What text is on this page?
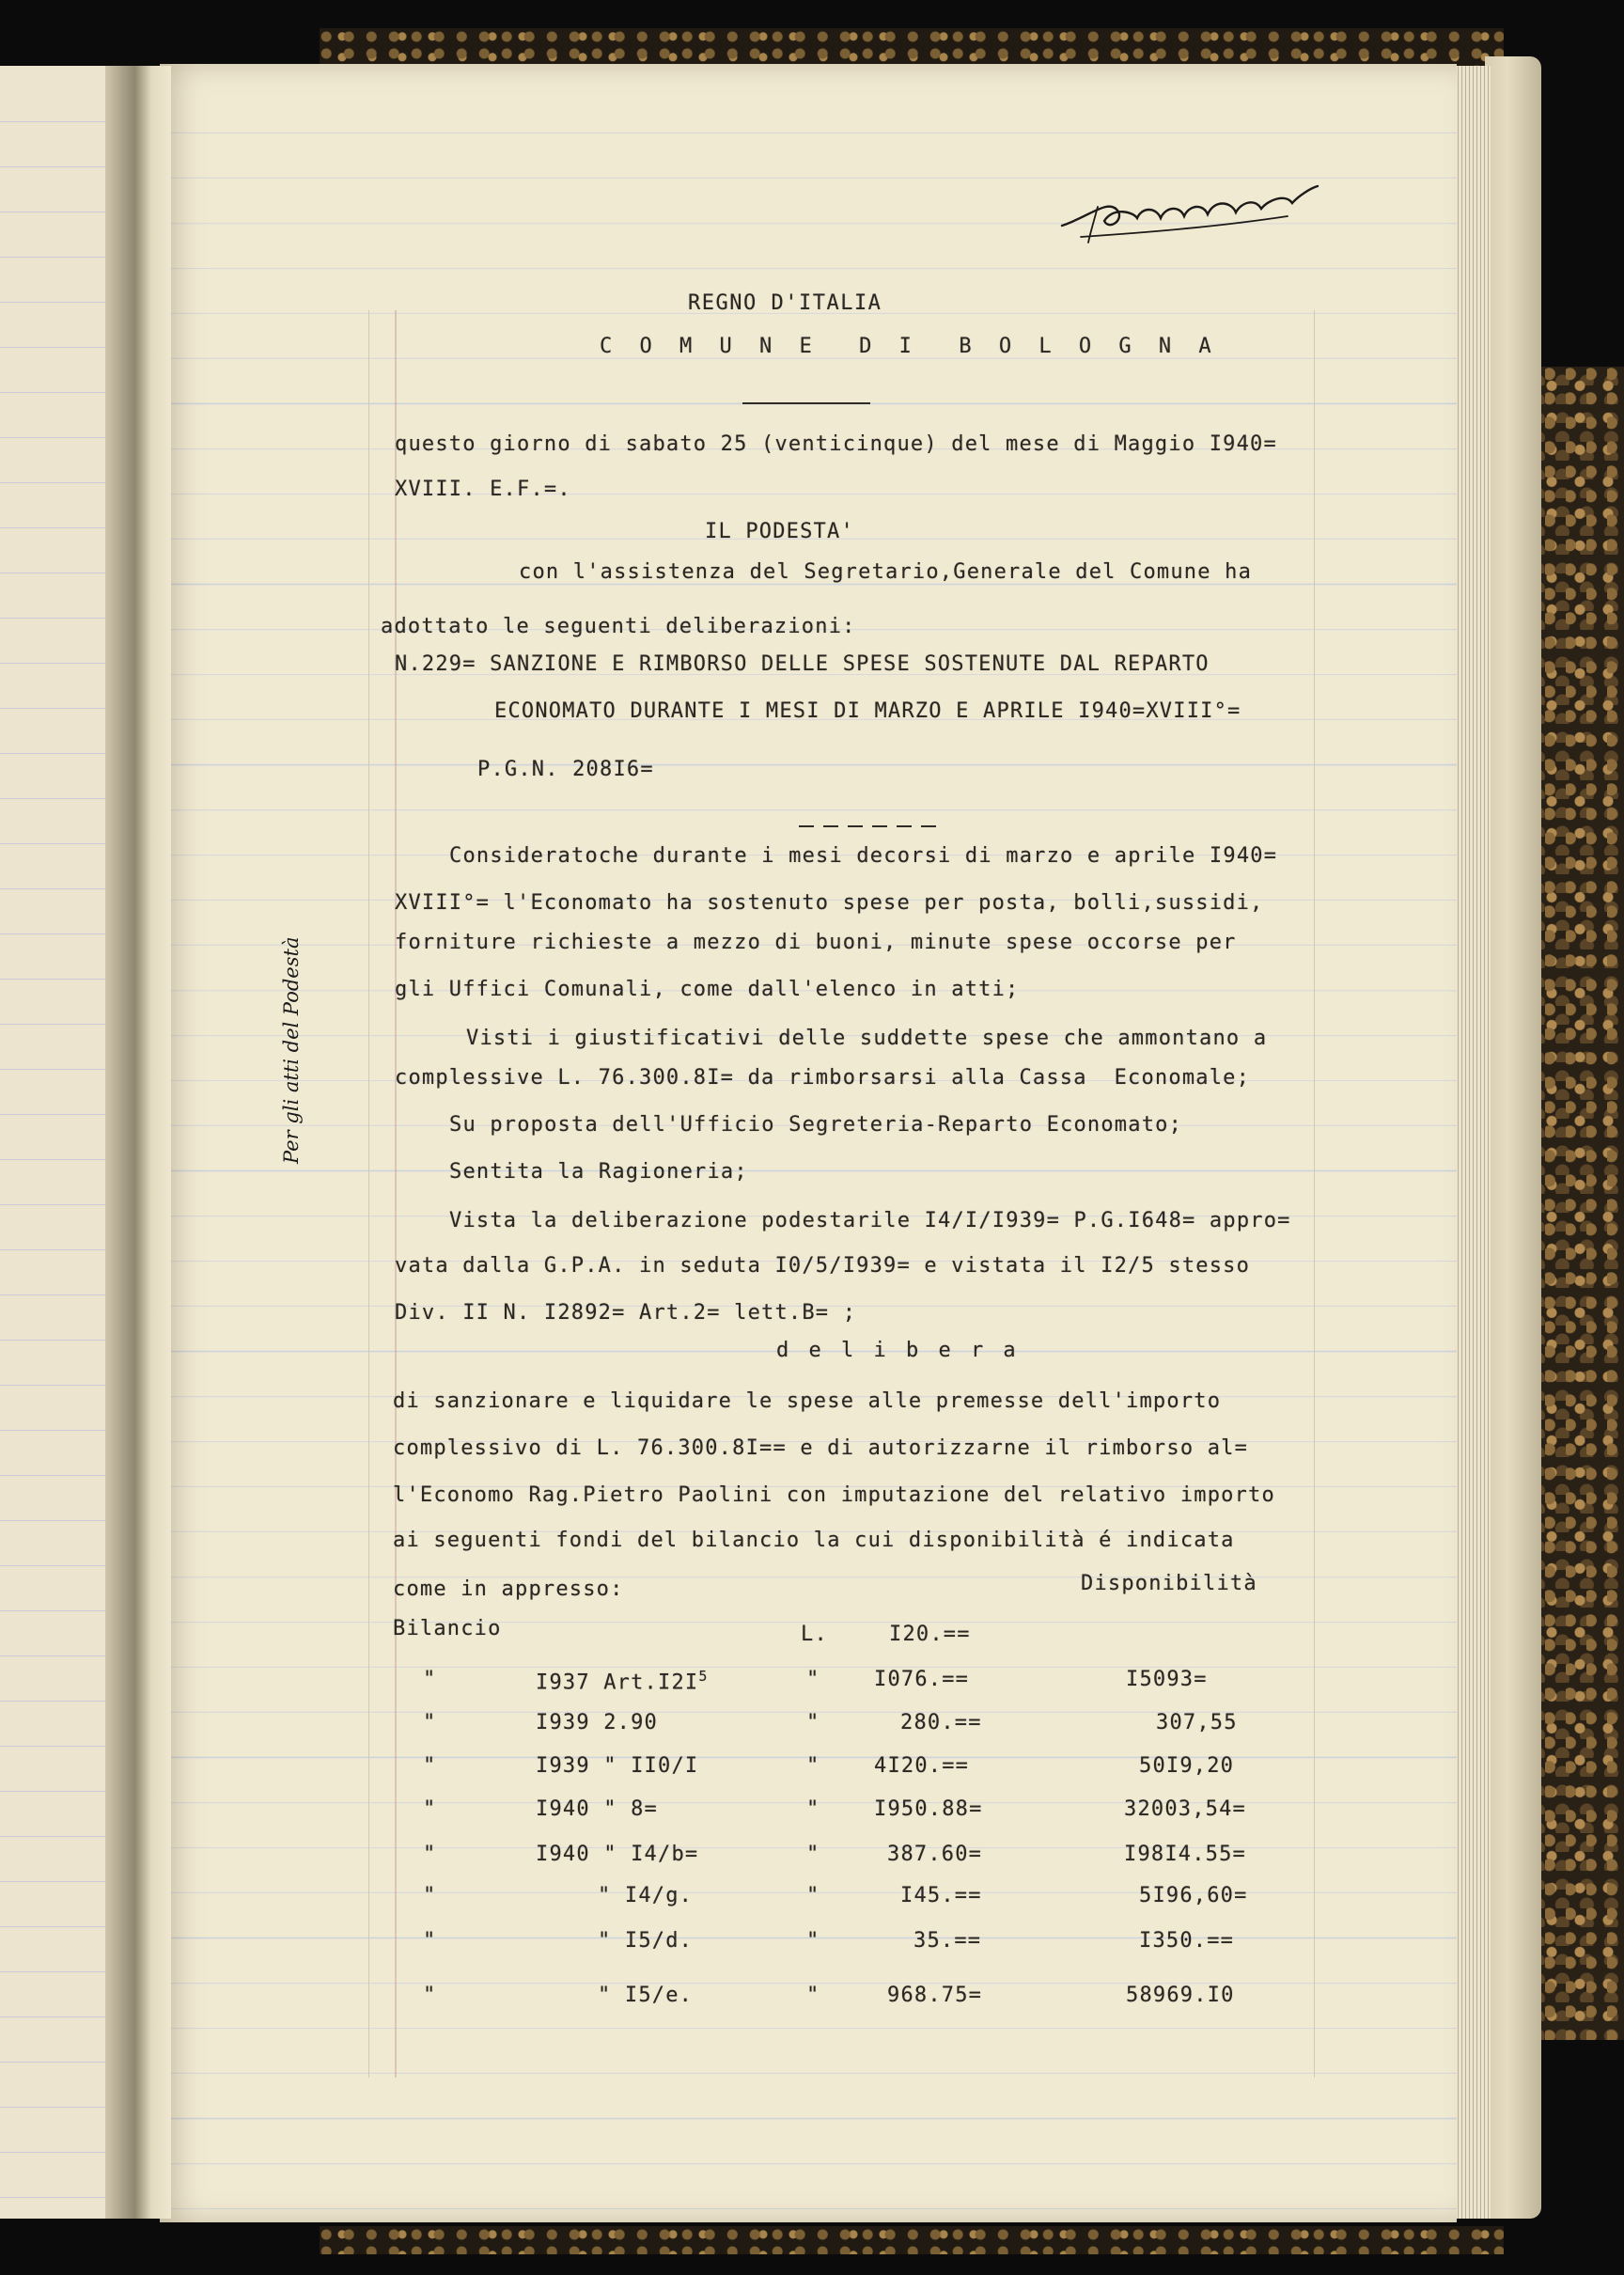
Per gli atti del Podestà
REGNO D'ITALIA
C O M U N E  D I  B O L O G N A
questo giorno di sabato 25 (venticinque) del mese di Maggio I940=
XVIII. E.F.=.
IL PODESTA'
con l'assistenza del Segretario,Generale del Comune ha
adottato le seguenti deliberazioni:
N.229= SANZIONE E RIMBORSO DELLE SPESE SOSTENUTE DAL REPARTO
ECONOMATO DURANTE I MESI DI MARZO E APRILE I940=XVIII°=
P.G.N. 208I6=
Consideratoche durante i mesi decorsi di marzo e aprile I940=
XVIII°= l'Economato ha sostenuto spese per posta, bolli,sussidi,
forniture richieste a mezzo di buoni, minute spese occorse per
gli Uffici Comunali, come dall'elenco in atti;
Visti i giustificativi delle suddette spese che ammontano a
complessive L. 76.300.8I= da rimborsarsi alla Cassa  Economale;
Su proposta dell'Ufficio Segreteria-Reparto Economato;
Sentita la Ragioneria;
Vista la deliberazione podestarile I4/I/I939= P.G.I648= appro=
vata dalla G.P.A. in seduta I0/5/I939= e vistata il I2/5 stesso
Div. II N. I2892= Art.2= lett.B= ;
d e l i b e r a
di sanzionare e liquidare le spese alle premesse dell'importo
complessivo di L. 76.300.8I== e di autorizzarne il rimborso al=
l'Economo Rag.Pietro Paolini con imputazione del relativo importo
ai seguenti fondi del bilancio la cui disponibilità é indicata
come in appresso:	Disponibilità
Bilancio	L.	I20.==
"	I937 $Art.I2I^5$	"	I076.==	I5093=
"	I939 2.90	"	280.==	307,55
"	I939 " II0/I	"	4I20.==	50I9,20
"	I940 " 8=	"	I950.88=	32003,54=
"	I940 " I4/b=	"	387.60=	I98I4.55=
"	" I4/g.	"	I45.==	5I96,60=
"	" I5/d.	"	35.==	I350.==
"	" I5/e.	"	968.75=	58969.I0
